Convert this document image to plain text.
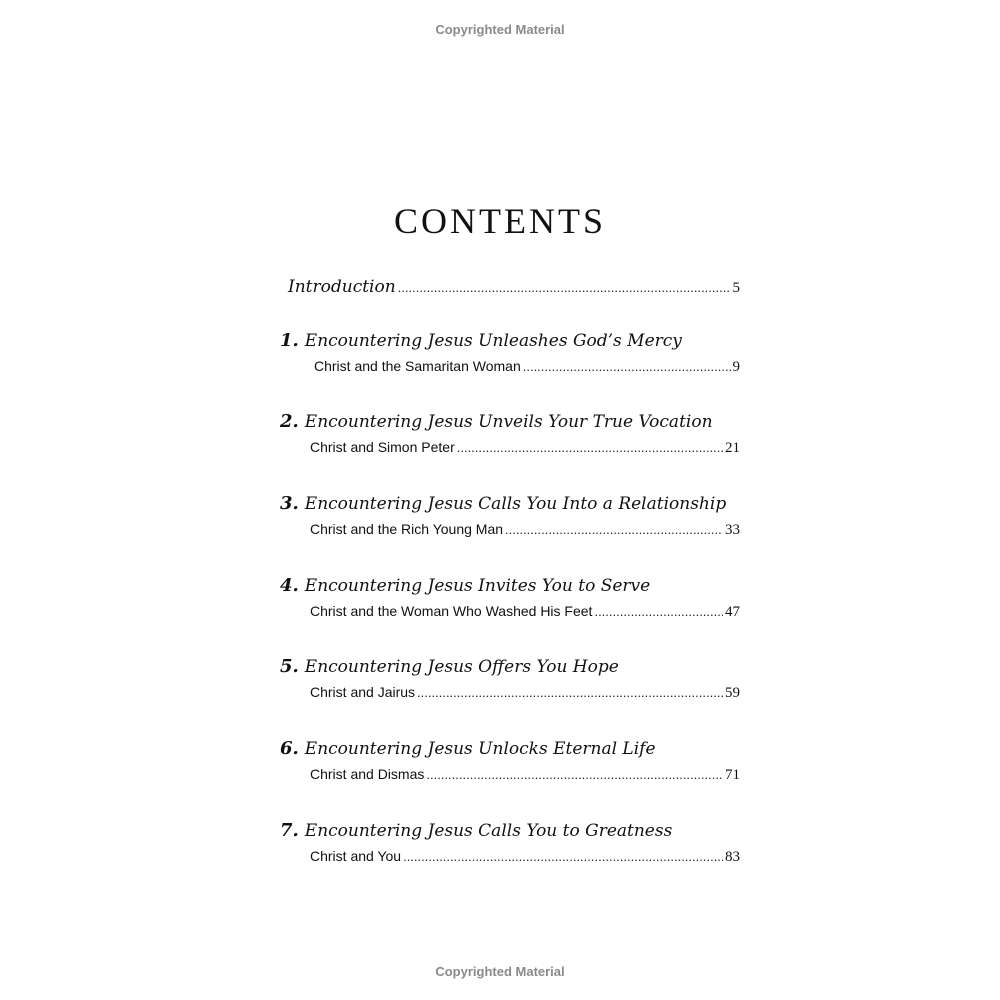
Copyrighted Material
CONTENTS
Introduction .....	5
1. Encountering Jesus Unleashes God’s Mercy
Christ and the Samaritan Woman .....	9
2. Encountering Jesus Unveils Your True Vocation
Christ and Simon Peter .....	21
3. Encountering Jesus Calls You Into a Relationship
Christ and the Rich Young Man .....	33
4. Encountering Jesus Invites You to Serve
Christ and the Woman Who Washed His Feet .....	47
5. Encountering Jesus Offers You Hope
Christ and Jairus .....	59
6. Encountering Jesus Unlocks Eternal Life
Christ and Dismas .....	71
7. Encountering Jesus Calls You to Greatness
Christ and You .....	83
Copyrighted Material
